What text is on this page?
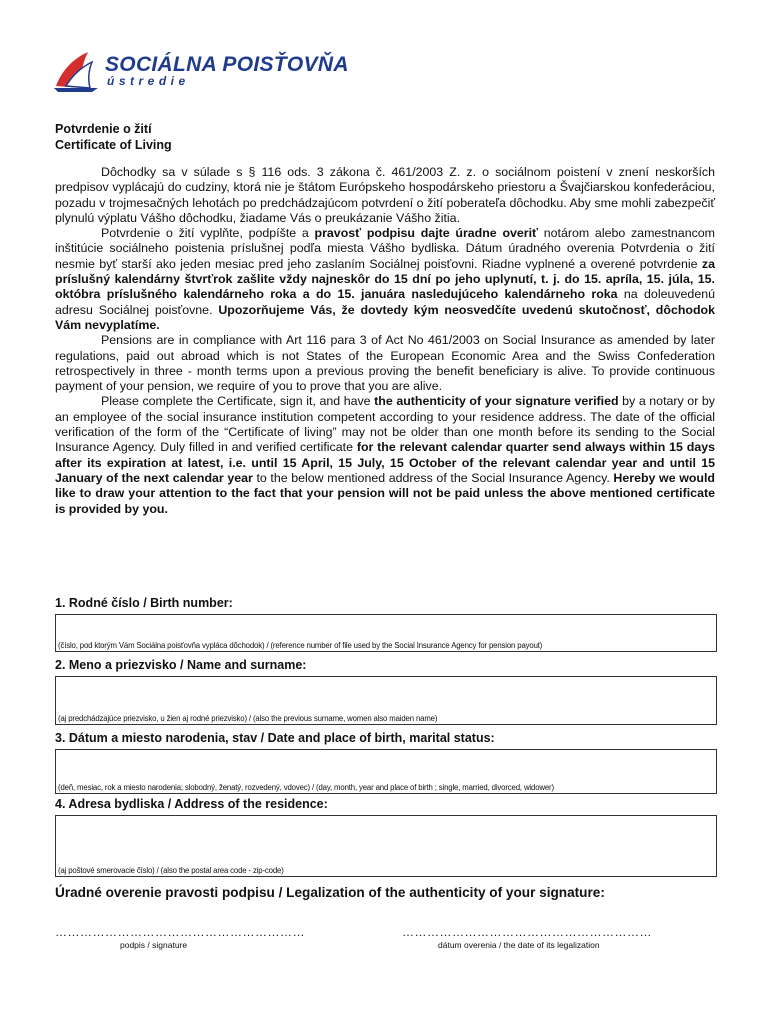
SOCIÁLNA POISŤOVŇA
ústredie
Potvrdenie o žití
Certificate of Living

Dôchodky sa v súlade s § 116 ods. 3 zákona č. 461/2003 Z. z. o sociálnom poistení v znení neskorších predpisov vyplácajú do cudziny, ktorá nie je štátom Európskeho hospodárskeho priestoru a Švajčiarskou konfederáciou, pozadu v trojmesačných lehotách po predchádzajúcom potvrdení o žití poberateľa dôchodku. Aby sme mohli zabezpečiť plynulú výplatu Vášho dôchodku, žiadame Vás o preukázanie Vášho žitia.

Potvrdenie o žití vyplňte, podpíšte a pravosť podpisu dajte úradne overiť notárom alebo zamestnancom inštitúcie sociálneho poistenia príslušnej podľa miesta Vášho bydliska. Dátum úradného overenia Potvrdenia o žití nesmie byť starší ako jeden mesiac pred jeho zaslaním Sociálnej poisťovni. Riadne vyplnené a overené potvrdenie za príslušný kalendárny štvrťrok zašlite vždy najneskôr do 15 dní po jeho uplynutí, t. j. do 15. apríla, 15. júla, 15. októbra príslušného kalendárneho roka a do 15. januára nasledujúceho kalendárneho roka na doleuvedenú adresu Sociálnej poisťovne. Upozorňujeme Vás, že dovtedy kým neosvedčíte uvedenú skutočnosť, dôchodok Vám nevyplatíme.

Pensions are in compliance with Art 116 para 3 of Act No 461/2003 on Social Insurance as amended by later regulations, paid out abroad which is not States of the European Economic Area and the Swiss Confederation retrospectively in three - month terms upon a previous proving the benefit beneficiary is alive. To provide continuous payment of your pension, we require of you to prove that you are alive.

Please complete the Certificate, sign it, and have the authenticity of your signature verified by a notary or by an employee of the social insurance institution competent according to your residence address. The date of the official verification of the form of the “Certificate of living” may not be older than one month before its sending to the Social Insurance Agency. Duly filled in and verified certificate for the relevant calendar quarter send always within 15 days after its expiration at latest, i.e. until 15 April, 15 July, 15 October of the relevant calendar year and until 15 January of the next calendar year to the below mentioned address of the Social Insurance Agency. Hereby we would like to draw your attention to the fact that your pension will not be paid unless the above mentioned certificate is provided by you.

1. Rodné číslo / Birth number:
(číslo, pod ktorým Vám Sociálna poisťovňa vypláca dôchodok) / (reference number of file used by the Social Insurance Agency for pension payout)
2. Meno a priezvisko / Name and surname:
(aj predchádzajúce priezvisko, u žien aj rodné priezvisko) / (also the previous surname, women also maiden name)
3. Dátum a miesto narodenia, stav / Date and place of birth, marital status:
(deň, mesiac, rok a miesto narodenia; slobodný, ženatý, rozvedený, vdovec) / (day, month, year and place of birth ; single, married, divorced, widower)
4. Adresa bydliska / Address of the residence:
(aj poštové smerovacie číslo) / (also the postal area code - zip-code)
Úradné overenie pravosti podpisu / Legalization of the authenticity of your signature:
……………………………………………………	……………………………………………………
podpis / signature	dátum overenia / the date of its legalization
